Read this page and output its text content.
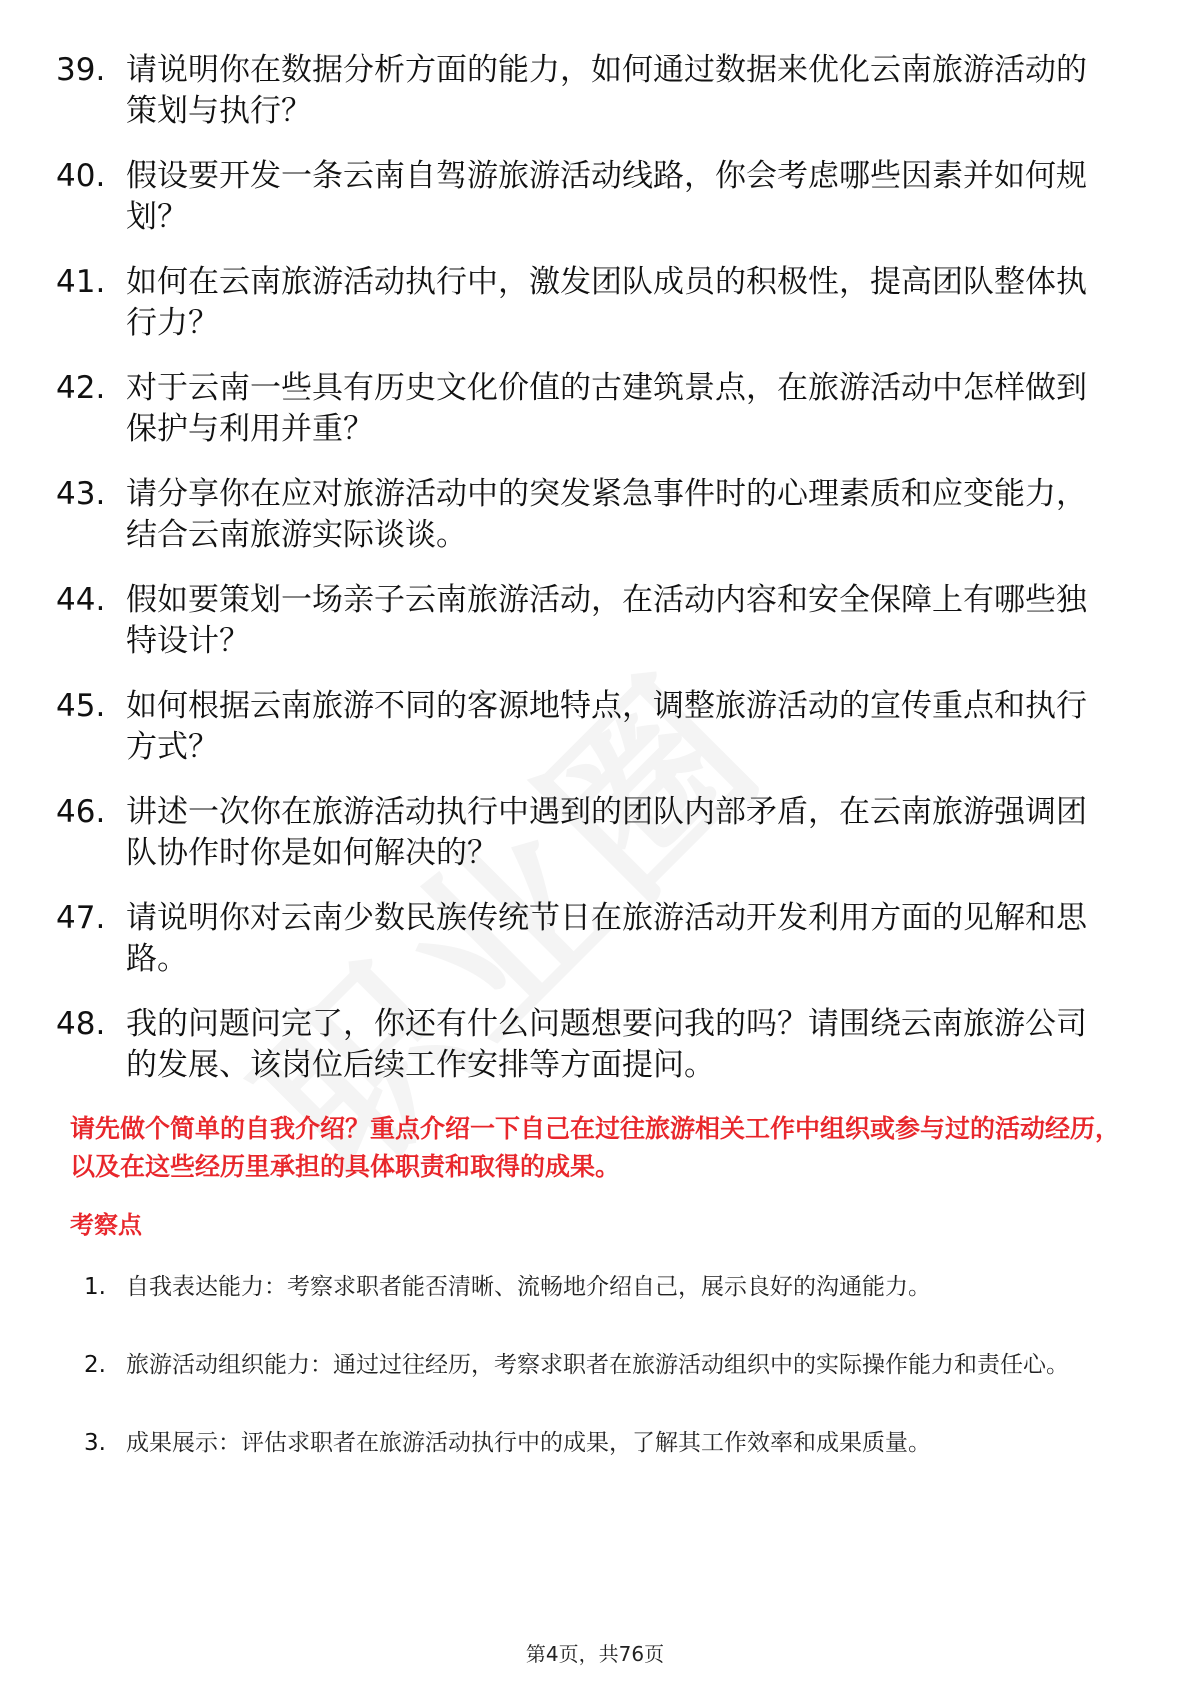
39. 请说明你在数据分析方面的能力，如何通过数据来优化云南旅游活动的策划与执行？
40. 假设要开发一条云南自驾游旅游活动线路，你会考虑哪些因素并如何规划？
41. 如何在云南旅游活动执行中，激发团队成员的积极性，提高团队整体执行力？
42. 对于云南一些具有历史文化价值的古建筑景点，在旅游活动中怎样做到保护与利用并重？
43. 请分享你在应对旅游活动中的突发紧急事件时的心理素质和应变能力，结合云南旅游实际谈谈。
44. 假如要策划一场亲子云南旅游活动，在活动内容和安全保障上有哪些独特设计？
45. 如何根据云南旅游不同的客源地特点，调整旅游活动的宣传重点和执行方式？
46. 讲述一次你在旅游活动执行中遇到的团队内部矛盾，在云南旅游强调团队协作时你是如何解决的？
47. 请说明你对云南少数民族传统节日在旅游活动开发利用方面的见解和思路。
48. 我的问题问完了，你还有什么问题想要问我的吗？请围绕云南旅游公司的发展、该岗位后续工作安排等方面提问。
请先做个简单的自我介绍？重点介绍一下自己在过往旅游相关工作中组织或参与过的活动经历，以及在这些经历里承担的具体职责和取得的成果。
考察点
1. 自我表达能力：考察求职者能否清晰、流畅地介绍自己，展示良好的沟通能力。
2. 旅游活动组织能力：通过过往经历，考察求职者在旅游活动组织中的实际操作能力和责任心。
3. 成果展示：评估求职者在旅游活动执行中的成果，了解其工作效率和成果质量。
第4页，共76页
